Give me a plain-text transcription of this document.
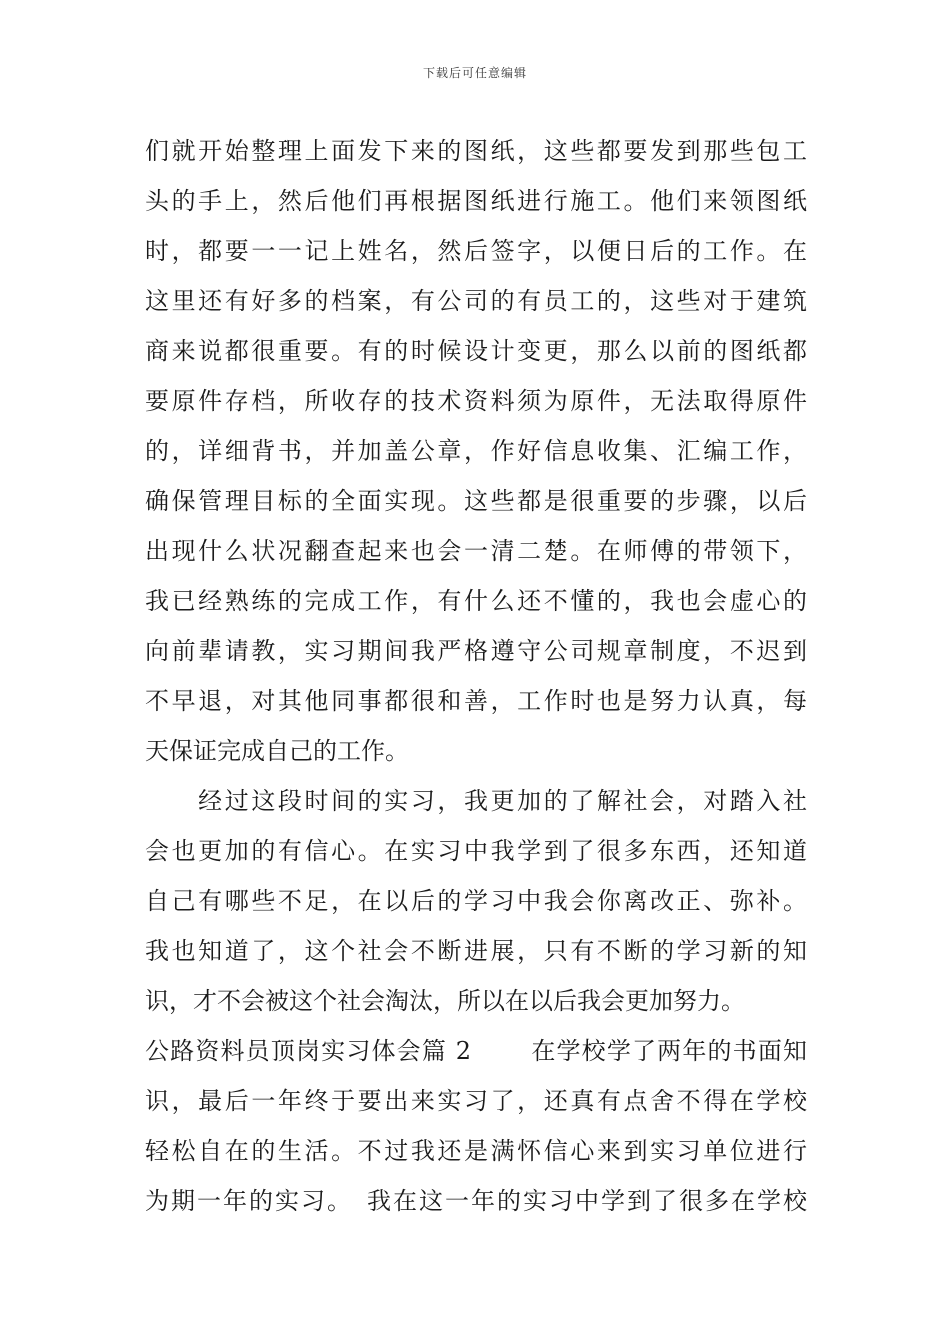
下载后可任意编辑
们就开始整理上面发下来的图纸，这些都要发到那些包工
头的手上，然后他们再根据图纸进行施工。他们来领图纸
时，都要一一记上姓名，然后签字，以便日后的工作。在
这里还有好多的档案，有公司的有员工的，这些对于建筑
商来说都很重要。有的时候设计变更，那么以前的图纸都
要原件存档，所收存的技术资料须为原件，无法取得原件
的，详细背书，并加盖公章，作好信息收集、汇编工作，
确保管理目标的全面实现。这些都是很重要的步骤，以后
出现什么状况翻查起来也会一清二楚。在师傅的带领下，
我已经熟练的完成工作，有什么还不懂的，我也会虚心的
向前辈请教，实习期间我严格遵守公司规章制度，不迟到
不早退，对其他同事都很和善，工作时也是努力认真，每
天保证完成自己的工作。
　　经过这段时间的实习，我更加的了解社会，对踏入社
会也更加的有信心。在实习中我学到了很多东西，还知道
自己有哪些不足，在以后的学习中我会你离改正、弥补。
我也知道了，这个社会不断进展，只有不断的学习新的知
识，才不会被这个社会淘汰，所以在以后我会更加努力。
公路资料员顶岗实习体会篇 2　　 在学校学了两年的书面知
识，最后一年终于要出来实习了，还真有点舍不得在学校
轻松自在的生活。不过我还是满怀信心来到实习单位进行
为期一年的实习。　我在这一年的实习中学到了很多在学校
